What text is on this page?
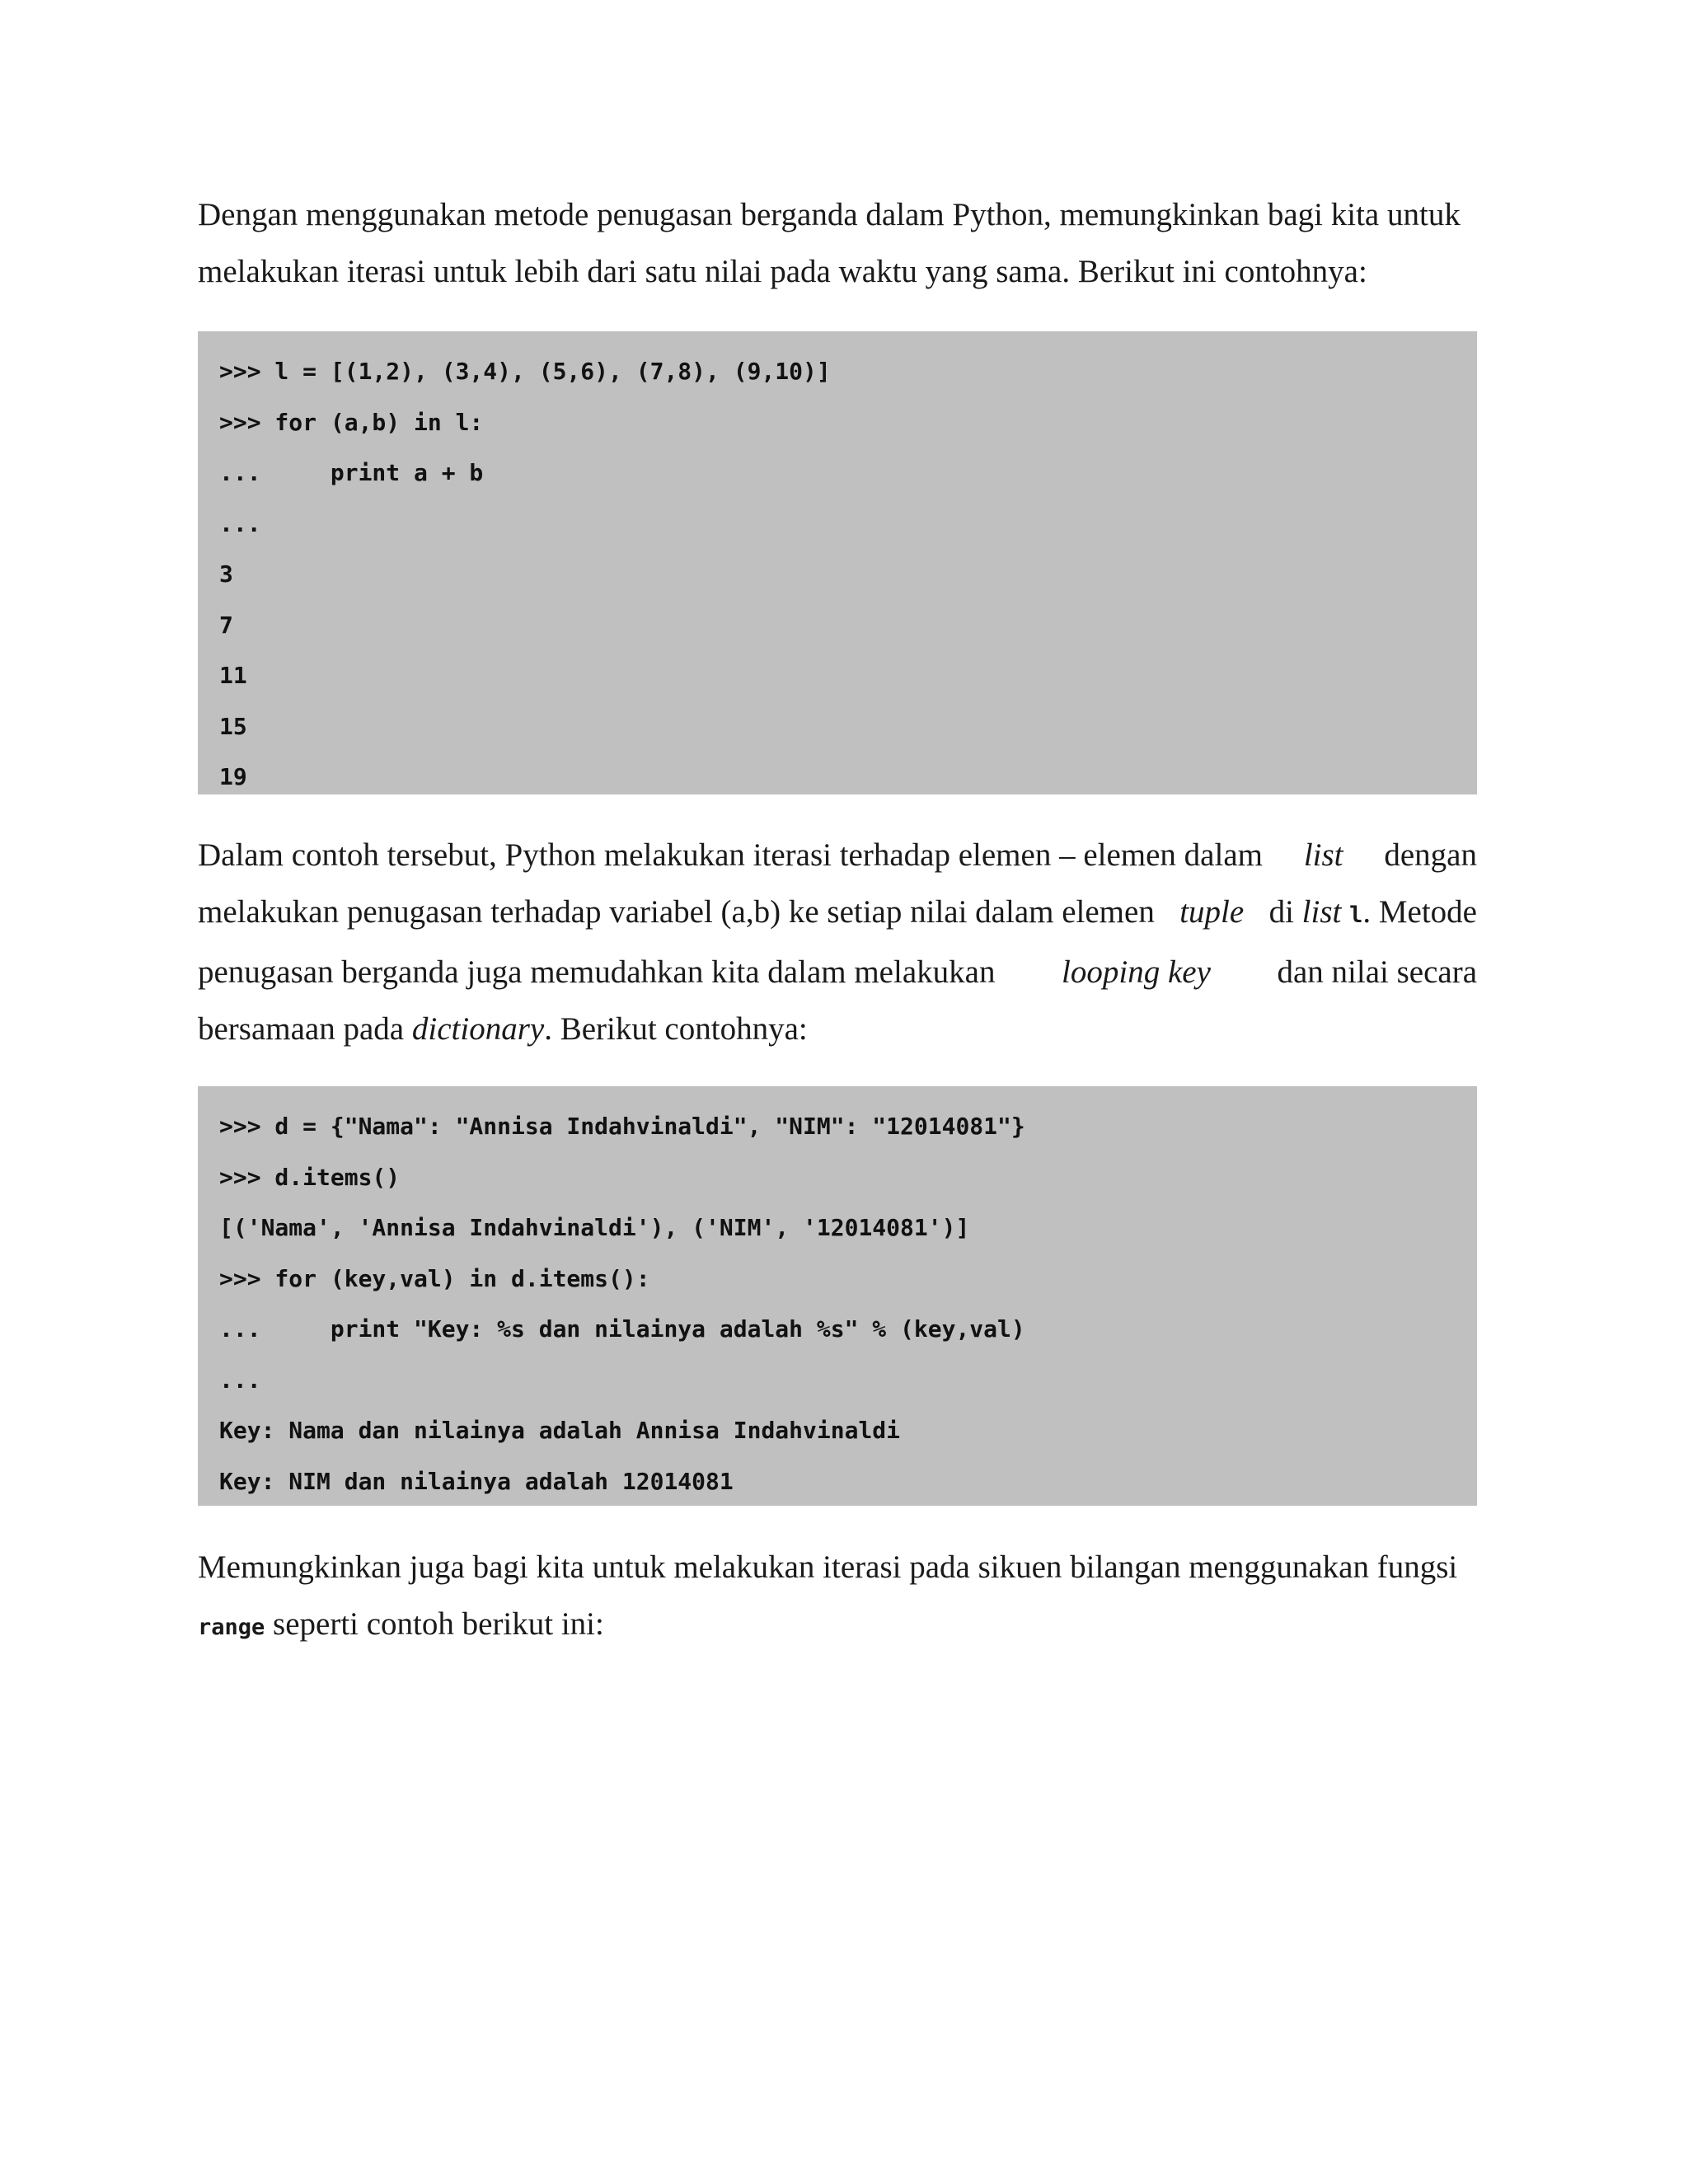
Dengan menggunakan metode penugasan berganda dalam Python, memungkinkan bagi kita untuk
melakukan iterasi untuk lebih dari satu nilai pada waktu yang sama. Berikut ini contohnya:
>>> l = [(1,2), (3,4), (5,6), (7,8), (9,10)]
>>> for (a,b) in l:
...     print a + b
...
3
7
11
15
19
Dalam contoh tersebut, Python melakukan iterasi terhadap elemen – elemen dalam list dengan
melakukan penugasan terhadap variabel (a,b) ke setiap nilai dalam elemen tuple di list l. Metode
penugasan berganda juga memudahkan kita dalam melakukan looping key dan nilai secara
bersamaan pada dictionary. Berikut contohnya:
>>> d = {"Nama": "Annisa Indahvinaldi", "NIM": "12014081"}
>>> d.items()
[('Nama', 'Annisa Indahvinaldi'), ('NIM', '12014081')]
>>> for (key,val) in d.items():
...     print "Key: %s dan nilainya adalah %s" % (key,val)
...
Key: Nama dan nilainya adalah Annisa Indahvinaldi
Key: NIM dan nilainya adalah 12014081
Memungkinkan juga bagi kita untuk melakukan iterasi pada sikuen bilangan menggunakan fungsi
range seperti contoh berikut ini:
